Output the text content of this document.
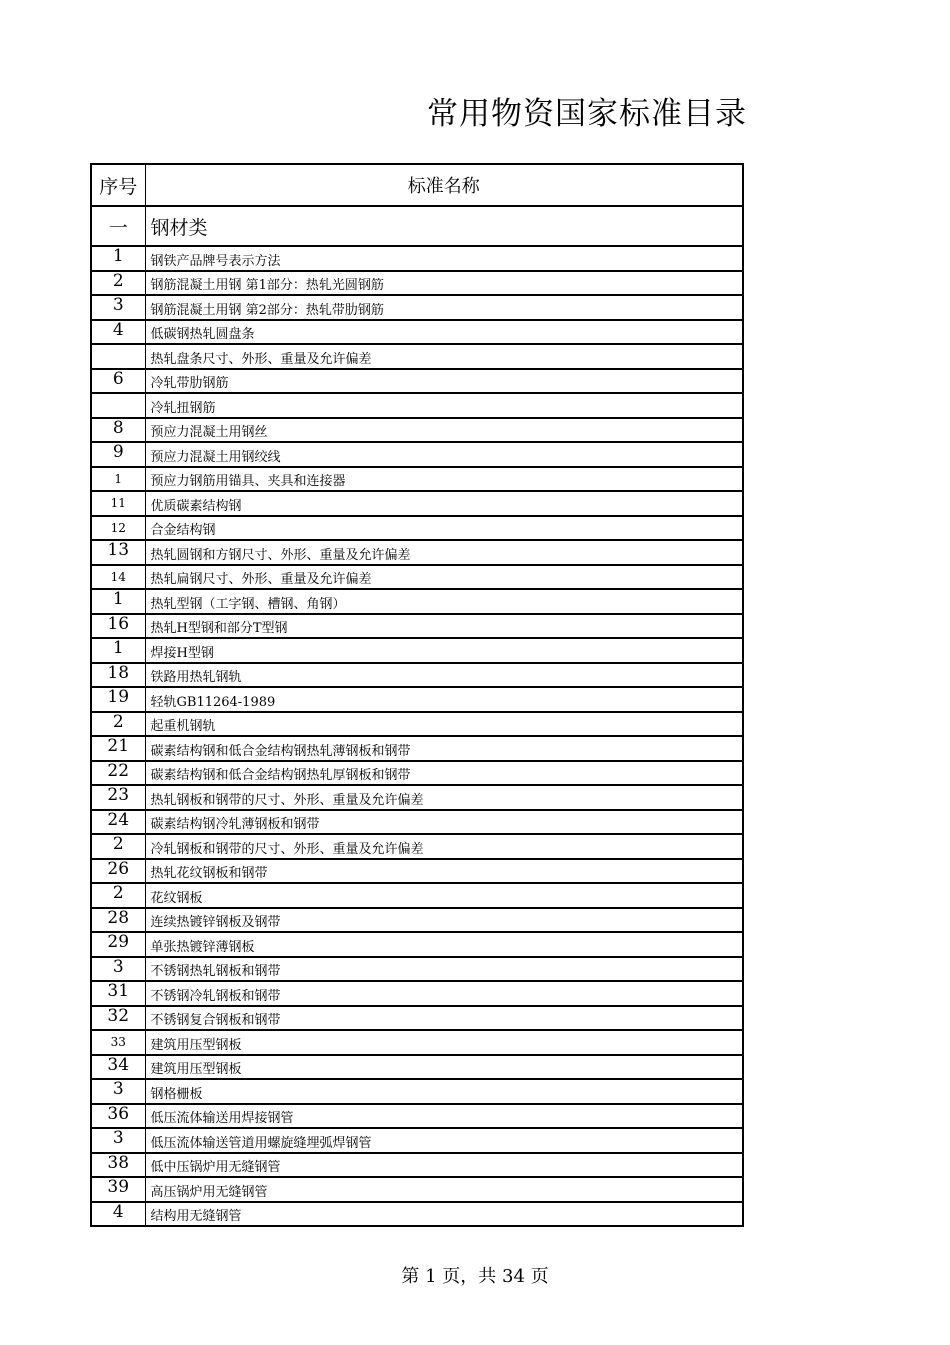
常用物资国家标准目录
序号	标准名称
一	钢材类
1	钢铁产品牌号表示方法
2	钢筋混凝土用钢 第1部分：热轧光圆钢筋
3	钢筋混凝土用钢 第2部分：热轧带肋钢筋
4	低碳钢热轧圆盘条
	热轧盘条尺寸、外形、重量及允许偏差
6	冷轧带肋钢筋
	冷轧扭钢筋
8	预应力混凝土用钢丝
9	预应力混凝土用钢绞线
1	预应力钢筋用锚具、夹具和连接器
11	优质碳素结构钢
12	合金结构钢
13	热轧圆钢和方钢尺寸、外形、重量及允许偏差
14	热轧扁钢尺寸、外形、重量及允许偏差
1	热轧型钢（工字钢、槽钢、角钢）
16	热轧H型钢和部分T型钢
1	焊接H型钢
18	铁路用热轧钢轨
19	轻轨GB11264-1989
2	起重机钢轨
21	碳素结构钢和低合金结构钢热轧薄钢板和钢带
22	碳素结构钢和低合金结构钢热轧厚钢板和钢带
23	热轧钢板和钢带的尺寸、外形、重量及允许偏差
24	碳素结构钢冷轧薄钢板和钢带
2	冷轧钢板和钢带的尺寸、外形、重量及允许偏差
26	热轧花纹钢板和钢带
2	花纹钢板
28	连续热镀锌钢板及钢带
29	单张热镀锌薄钢板
3	不锈钢热轧钢板和钢带
31	不锈钢冷轧钢板和钢带
32	不锈钢复合钢板和钢带
33	建筑用压型钢板
34	建筑用压型钢板
3	钢格栅板
36	低压流体输送用焊接钢管
3	低压流体输送管道用螺旋缝埋弧焊钢管
38	低中压锅炉用无缝钢管
39	高压锅炉用无缝钢管
4	结构用无缝钢管
第 1 页，共 34 页
